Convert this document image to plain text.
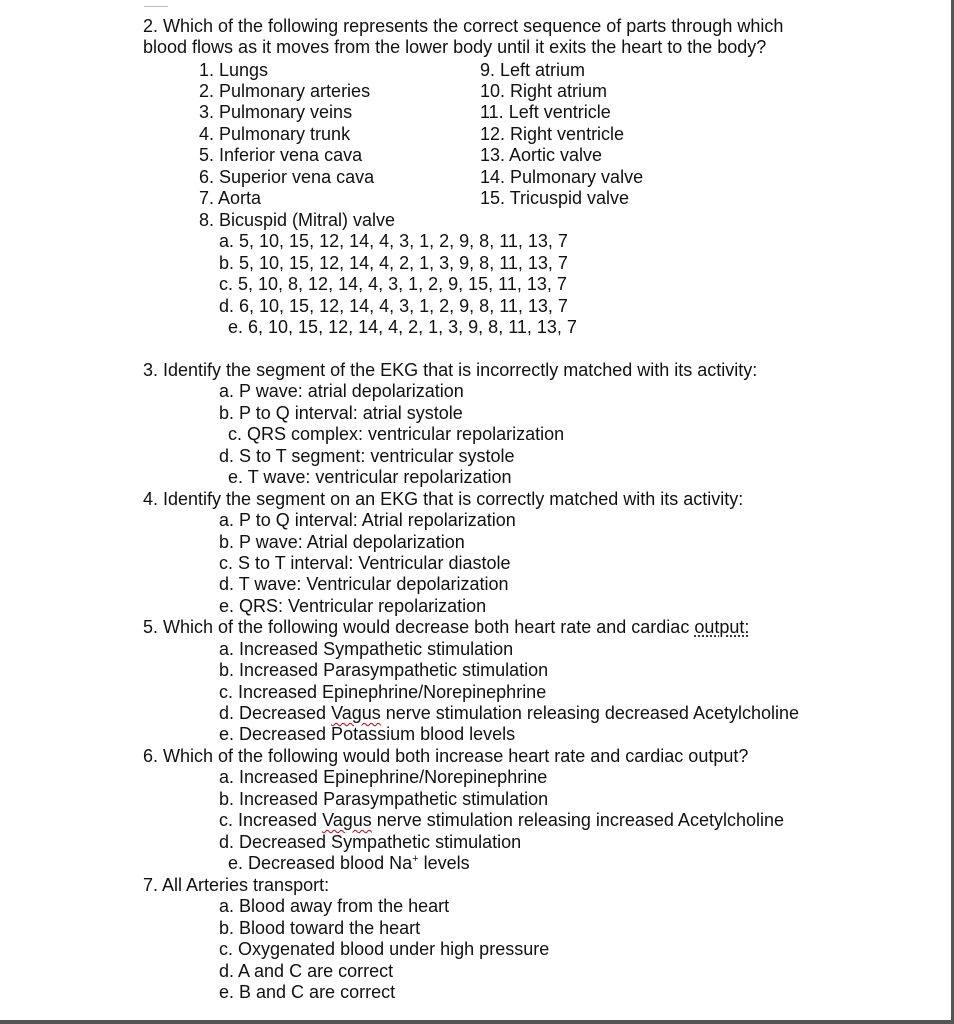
2. Which of the following represents the correct sequence of parts through which
blood flows as it moves from the lower body until it exits the heart to the body?
1. Lungs
2. Pulmonary arteries
3. Pulmonary veins
4. Pulmonary trunk
5. Inferior vena cava
6. Superior vena cava
7. Aorta
8. Bicuspid (Mitral) valve
9. Left atrium
10. Right atrium
11. Left ventricle
12. Right ventricle
13. Aortic valve
14. Pulmonary valve
15. Tricuspid valve
a. 5, 10, 15, 12, 14, 4, 3, 1, 2, 9, 8, 11, 13, 7
b. 5, 10, 15, 12, 14, 4, 2, 1, 3, 9, 8, 11, 13, 7
c. 5, 10, 8, 12, 14, 4, 3, 1, 2, 9, 15, 11, 13, 7
d. 6, 10, 15, 12, 14, 4, 3, 1, 2, 9, 8, 11, 13, 7
e. 6, 10, 15, 12, 14, 4, 2, 1, 3, 9, 8, 11, 13, 7
3. Identify the segment of the EKG that is incorrectly matched with its activity:
a. P wave: atrial depolarization
b. P to Q interval: atrial systole
c. QRS complex: ventricular repolarization
d. S to T segment: ventricular systole
e. T wave: ventricular repolarization
4. Identify the segment on an EKG that is correctly matched with its activity:
a. P to Q interval: Atrial repolarization
b. P wave: Atrial depolarization
c. S to T interval: Ventricular diastole
d. T wave: Ventricular depolarization
e. QRS: Ventricular repolarization
5. Which of the following would decrease both heart rate and cardiac output:
a. Increased Sympathetic stimulation
b. Increased Parasympathetic stimulation
c. Increased Epinephrine/Norepinephrine
d. Decreased Vagus nerve stimulation releasing decreased Acetylcholine
e. Decreased Potassium blood levels
6. Which of the following would both increase heart rate and cardiac output?
a. Increased Epinephrine/Norepinephrine
b. Increased Parasympathetic stimulation
c. Increased Vagus nerve stimulation releasing increased Acetylcholine
d. Decreased Sympathetic stimulation
e. Decreased blood Na+ levels
7. All Arteries transport:
a. Blood away from the heart
b. Blood toward the heart
c. Oxygenated blood under high pressure
d. A and C are correct
e. B and C are correct
